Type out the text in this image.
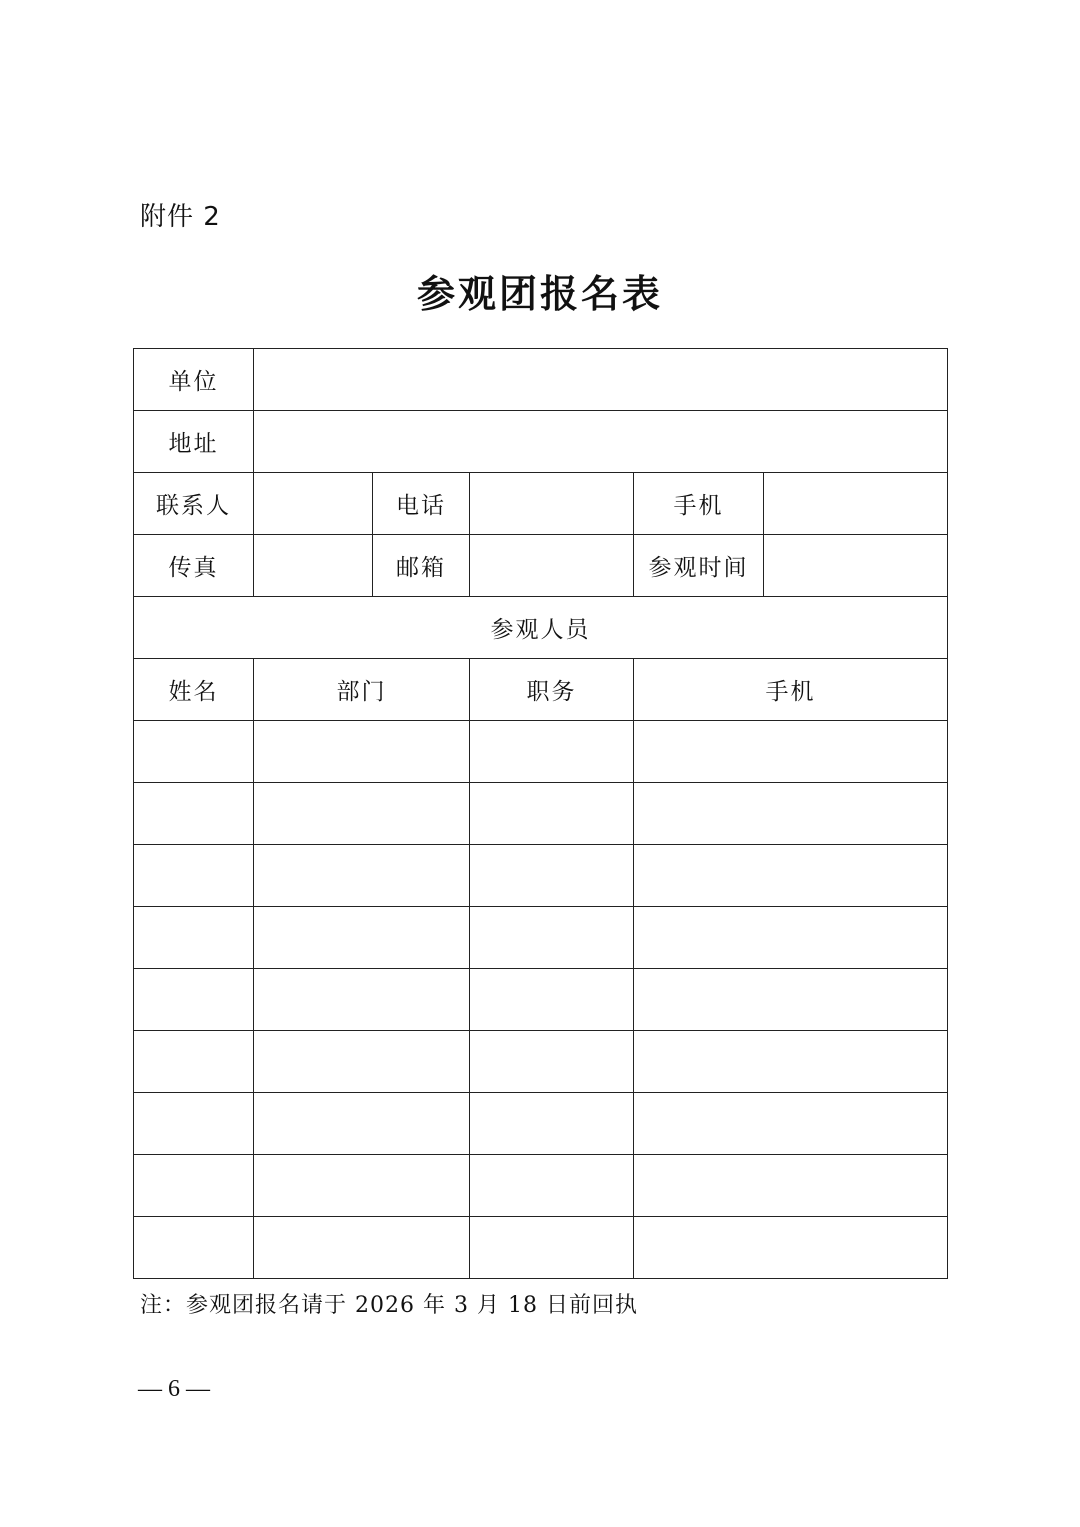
附件 2
参观团报名表
单位					
地址					
联系人		电话		手机	
传真		邮箱		参观时间	
参观人员					
姓名	部门		职务	手机	

注：参观团报名请于 2026 年 3 月 18 日前回执
— 6 —
